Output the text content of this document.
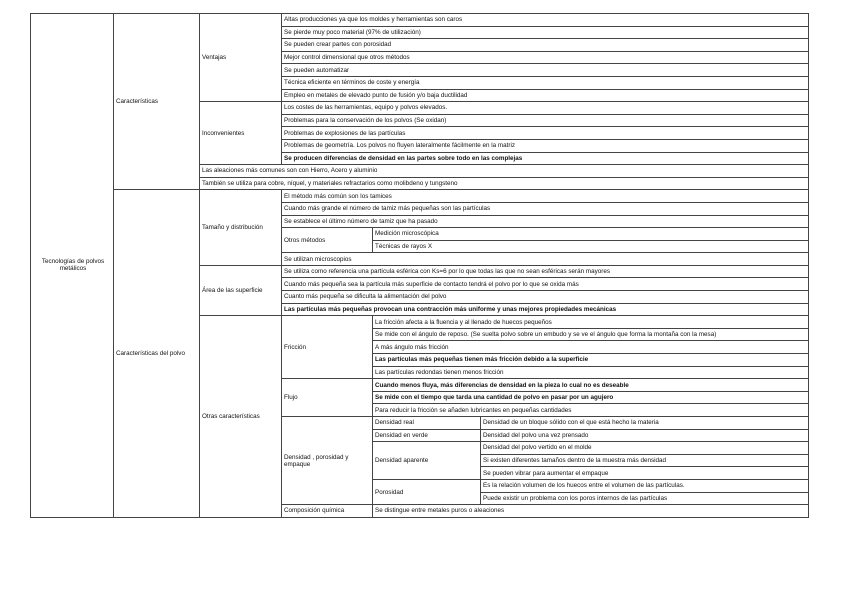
Tecnologías de polvos metálicos	Características	Ventajas	Altas producciones ya que los moldes y herramientas son caros		
			Se pierde muy poco material (97% de utilización)		
			Se pueden crear partes con porosidad		
			Mejor control dimensional que otros métodos		
			Se pueden automatizar		
			Técnica eficiente en términos de coste y energía		
			Empleo en metales de elevado punto de fusión y/o baja ductilidad		
		Inconvenientes	Los costes de las herramientas, equipo y polvos elevados.		
			Problemas para la conservación de los polvos (Se oxidan)		
			Problemas de explosiones de las partículas		
			Problemas de geometría. Los polvos no fluyen lateralmente fácilmente en la matriz		
			Se producen diferencias de densidad en las partes sobre todo en las complejas		
		Las aleaciones más comunes son con Hierro, Acero y aluminio			
		También se utiliza para cobre, níquel, y materiales refractarios como molibdeno y tungsteno			
	Características del polvo	Tamaño y distribución	El método más común son los tamices		
			Cuando más grande el número de tamiz más pequeñas son las partículas		
			Se establece el último número de tamiz que ha pasado		
			Otros métodos	Medición microscópica	
				Técnicas de rayos X	
			Se utilizan microscopios		
		Área de las superficie	Se utiliza como referencia una partícula esférica con Ks=6 por lo que todas las que no sean esféricas serán mayores		
			Cuando más pequeña sea la partícula más superficie de contacto tendrá el polvo por lo que se oxida más		
			Cuanto más pequeña se dificulta la alimentación del polvo		
			Las partículas más pequeñas provocan una contracción más uniforme y unas mejores propiedades mecánicas		
		Otras características	Fricción	La fricción afecta a la fluencia y al llenado de huecos pequeños	
				Se mide con el ángulo de reposo. (Se suelta polvo sobre un embudo y se ve el ángulo que forma la montaña con la mesa)	
				A más ángulo más fricción	
				Las partículas más pequeñas tienen más fricción debido a la superficie	
				Las partículas redondas tienen menos fricción	
			Flujo	Cuando menos fluya, más diferencias de densidad en la pieza lo cual no es deseable	
				Se mide con el tiempo que tarda una cantidad de polvo en pasar por un agujero	
				Para reducir la fricción se añaden lubricantes en pequeñas cantidades	
			Densidad , porosidad y empaque	Densidad real	Densidad de un bloque sólido con el que está hecho la materia
				Densidad en verde	Densidad del polvo una vez prensado
				Densidad aparente	Densidad del polvo vertido en el molde
					Si existen diferentes tamaños dentro de la muestra más densidad
					Se pueden vibrar para aumentar el empaque
				Porosidad	Es la relación volumen de los huecos entre el volumen de las partículas.
					Puede existir un problema con los poros internos de las partículas
			Composición química	Se distingue entre metales puros o aleaciones	
